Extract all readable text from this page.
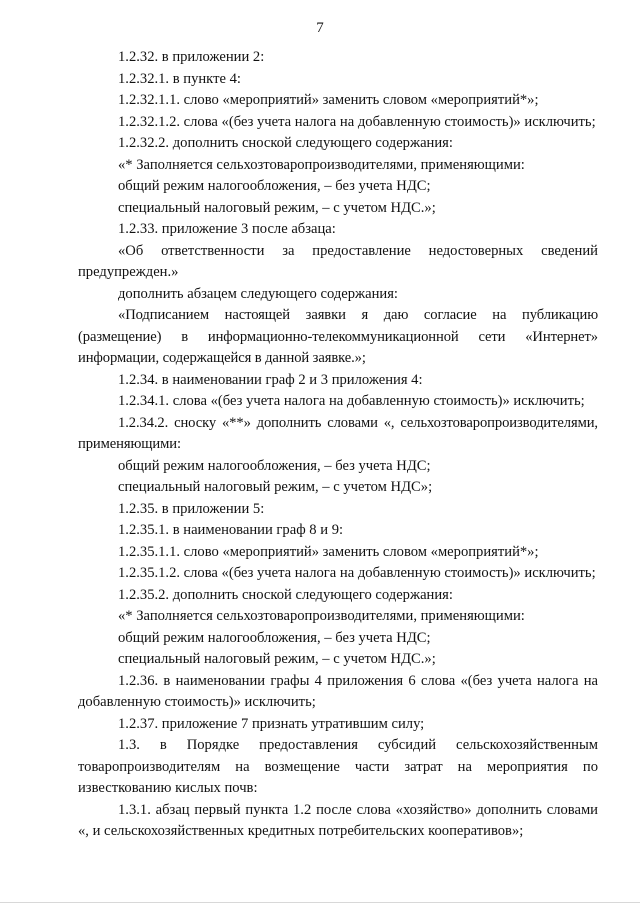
7

1.2.32. в приложении 2:

1.2.32.1. в пункте 4:

1.2.32.1.1. слово «мероприятий» заменить словом «мероприятий*»;

1.2.32.1.2. слова «(без учета налога на добавленную стоимость)» исключить;

1.2.32.2. дополнить сноской следующего содержания:

«* Заполняется сельхозтоваропроизводителями, применяющими:

общий режим налогообложения, – без учета НДС;

специальный налоговый режим, – с учетом НДС.»;

1.2.33. приложение 3 после абзаца:

«Об ответственности за предоставление недостоверных сведений предупрежден.»

дополнить абзацем следующего содержания:

«Подписанием настоящей заявки я даю согласие на публикацию (размещение) в информационно-телекоммуникационной сети «Интернет» информации, содержащейся в данной заявке.»;

1.2.34. в наименовании граф 2 и 3 приложения 4:

1.2.34.1. слова «(без учета налога на добавленную стоимость)» исключить;

1.2.34.2. сноску «**» дополнить словами «, сельхозтоваропроизводителями, применяющими:

общий режим налогообложения, – без учета НДС;

специальный налоговый режим, – с учетом НДС»;

1.2.35. в приложении 5:

1.2.35.1. в наименовании граф 8 и 9:

1.2.35.1.1. слово «мероприятий» заменить словом «мероприятий*»;

1.2.35.1.2. слова «(без учета налога на добавленную стоимость)» исключить;

1.2.35.2. дополнить сноской следующего содержания:

«* Заполняется сельхозтоваропроизводителями, применяющими:

общий режим налогообложения, – без учета НДС;

специальный налоговый режим, – с учетом НДС.»;

1.2.36. в наименовании графы 4 приложения 6 слова «(без учета налога на добавленную стоимость)» исключить;

1.2.37. приложение 7 признать утратившим силу;

1.3. в Порядке предоставления субсидий сельскохозяйственным товаропроизводителям на возмещение части затрат на мероприятия по известкованию кислых почв:

1.3.1. абзац первый пункта 1.2 после слова «хозяйство» дополнить словами «, и сельскохозяйственных кредитных потребительских кооперативов»;
